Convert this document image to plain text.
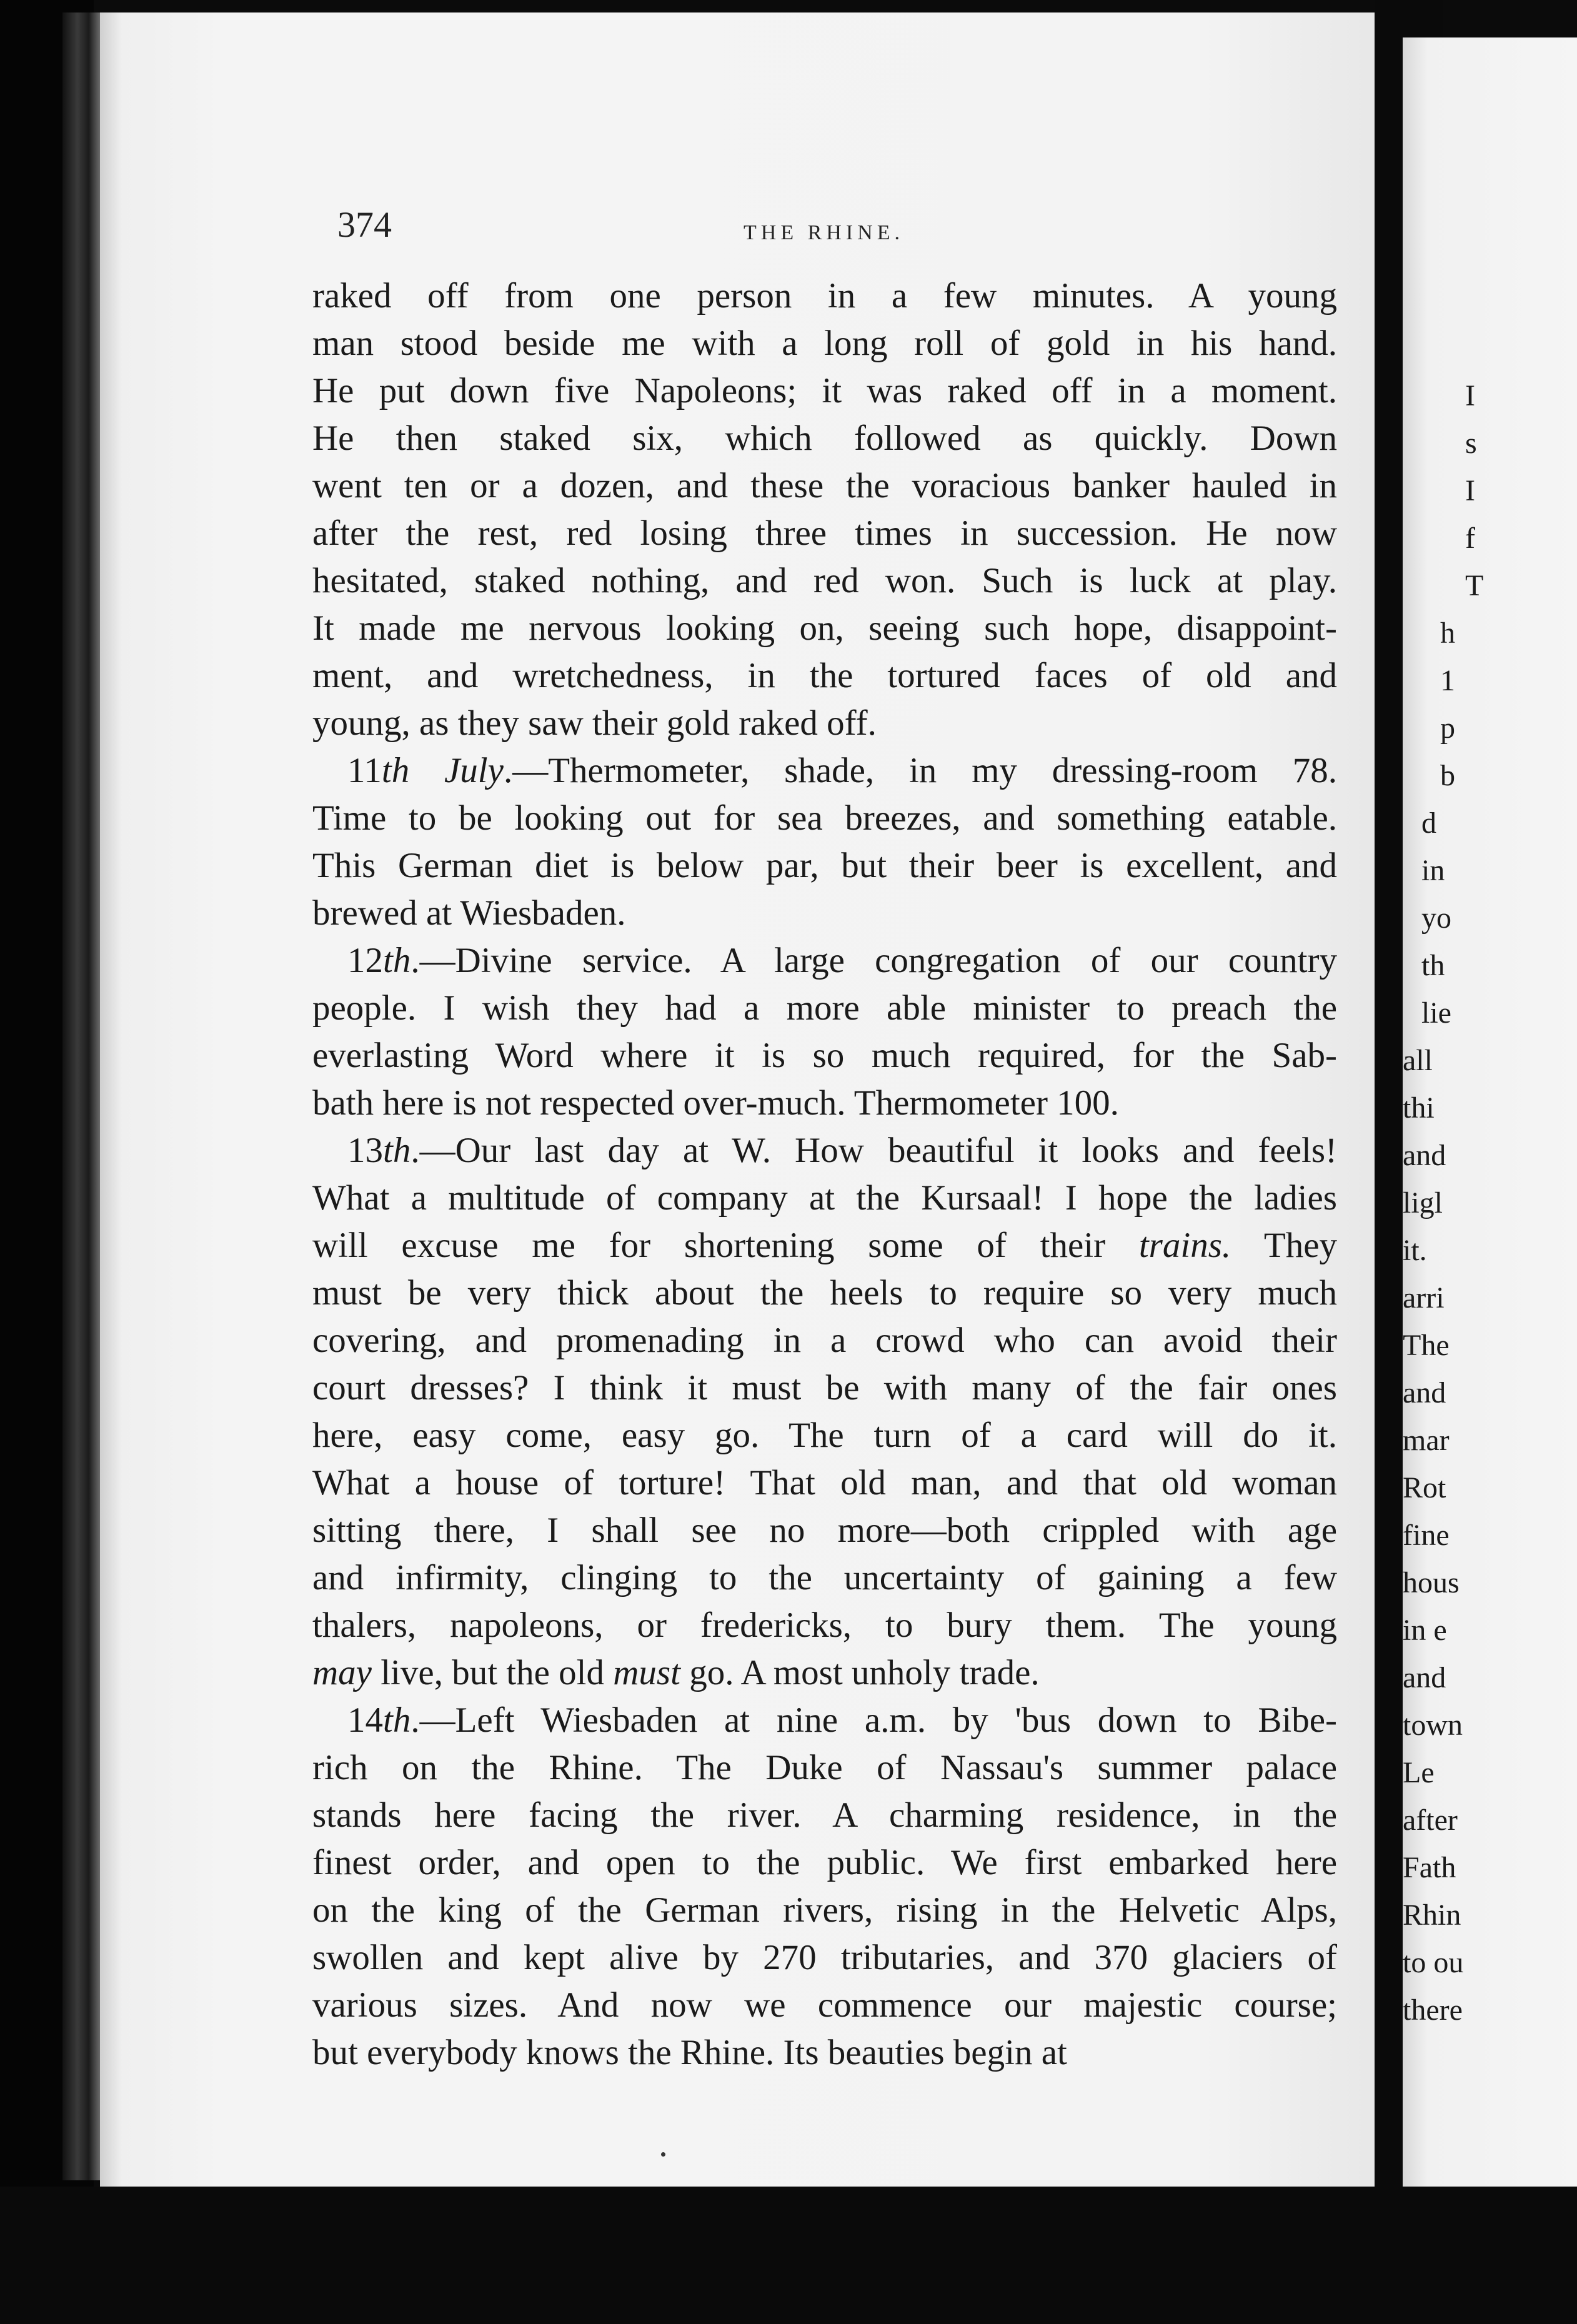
I
s
I
f
T
h
1
p
b
d
in
yo
th
lie
all
thi
and
ligl
it.
arri
The
and
mar
Rot
fine
hous
in e
and
town
Le
after
Fath
Rhin
to ou
there
374	THE RHINE.
raked off from one person in a few minutes. A young
man stood beside me with a long roll of gold in his hand.
He put down five Napoleons; it was raked off in a moment.
He then staked six, which followed as quickly. Down
went ten or a dozen, and these the voracious banker hauled in
after the rest, red losing three times in succession. He now
hesitated, staked nothing, and red won. Such is luck at play.
It made me nervous looking on, seeing such hope, disappoint-
ment, and wretchedness, in the tortured faces of old and
young, as they saw their gold raked off.
11th July.—Thermometer, shade, in my dressing-room 78.
Time to be looking out for sea breezes, and something eatable.
This German diet is below par, but their beer is excellent, and
brewed at Wiesbaden.
12th.—Divine service. A large congregation of our country
people. I wish they had a more able minister to preach the
everlasting Word where it is so much required, for the Sab-
bath here is not respected over-much. Thermometer 100.
13th.—Our last day at W. How beautiful it looks and feels!
What a multitude of company at the Kursaal! I hope the ladies
will excuse me for shortening some of their trains. They
must be very thick about the heels to require so very much
covering, and promenading in a crowd who can avoid their
court dresses? I think it must be with many of the fair ones
here, easy come, easy go. The turn of a card will do it.
What a house of torture! That old man, and that old woman
sitting there, I shall see no more—both crippled with age
and infirmity, clinging to the uncertainty of gaining a few
thalers, napoleons, or fredericks, to bury them. The young
may live, but the old must go. A most unholy trade.
14th.—Left Wiesbaden at nine a.m. by 'bus down to Bibe-
rich on the Rhine. The Duke of Nassau's summer palace
stands here facing the river. A charming residence, in the
finest order, and open to the public. We first embarked here
on the king of the German rivers, rising in the Helvetic Alps,
swollen and kept alive by 270 tributaries, and 370 glaciers of
various sizes. And now we commence our majestic course;
but everybody knows the Rhine. Its beauties begin at
